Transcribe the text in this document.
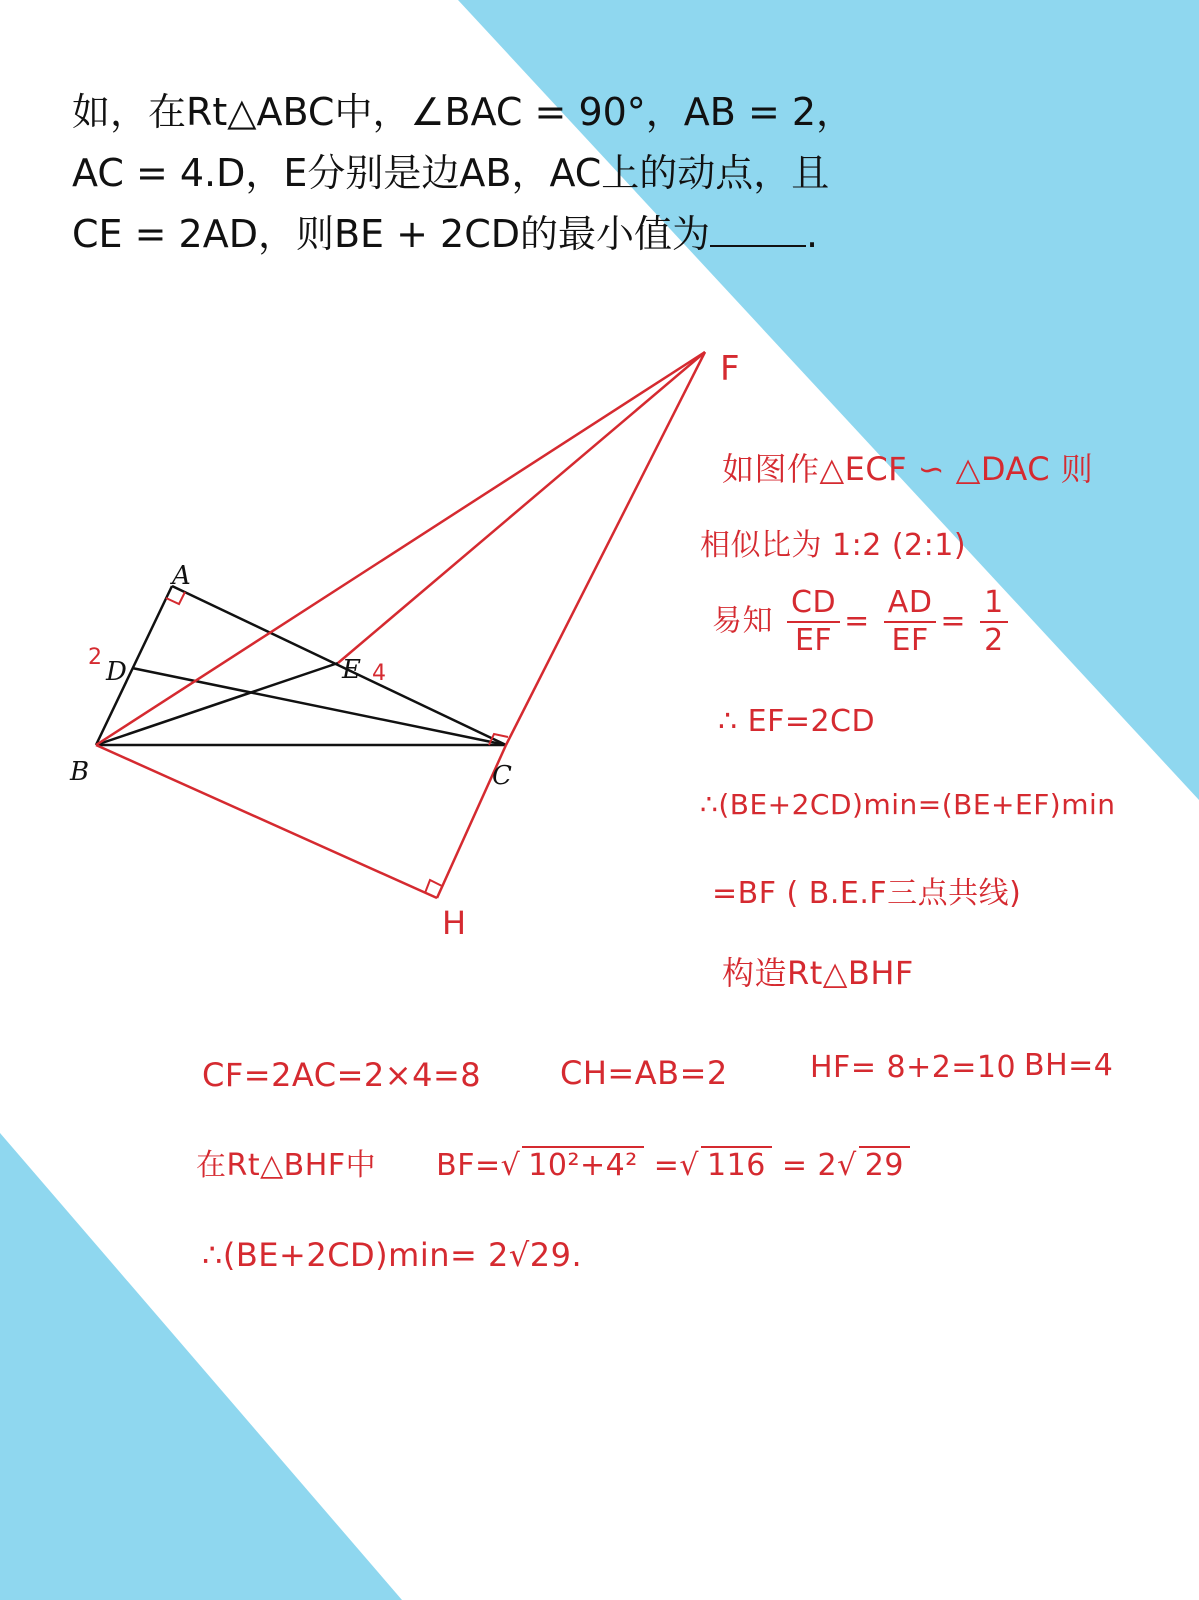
如，在Rt△ABC中，∠BAC = 90°，AB = 2，
AC = 4.D，E分别是边AB，AC上的动点，且
CE = 2AD，则BE + 2CD的最小值为	.
A
B	C
D	E
F
H
2
4
如图作△ECF ∽ △DAC 则
相似比为 1:2 (2:1)
易知 $\frac{CD}{EF} = \frac{AD}{EF} = \frac{1}{2}$
∴ EF=2CD
∴(BE+2CD)min=(BE+EF)min
=BF ( B.E.F三点共线)
构造Rt△BHF
CF=2AC=2×4=8 CH=AB=2	HF= 8+2=10 BH=4
在Rt△BHF中 BF=√ 10²+4² =√ 116 = 2√ 29
∴(BE+2CD)min= 2√29.
